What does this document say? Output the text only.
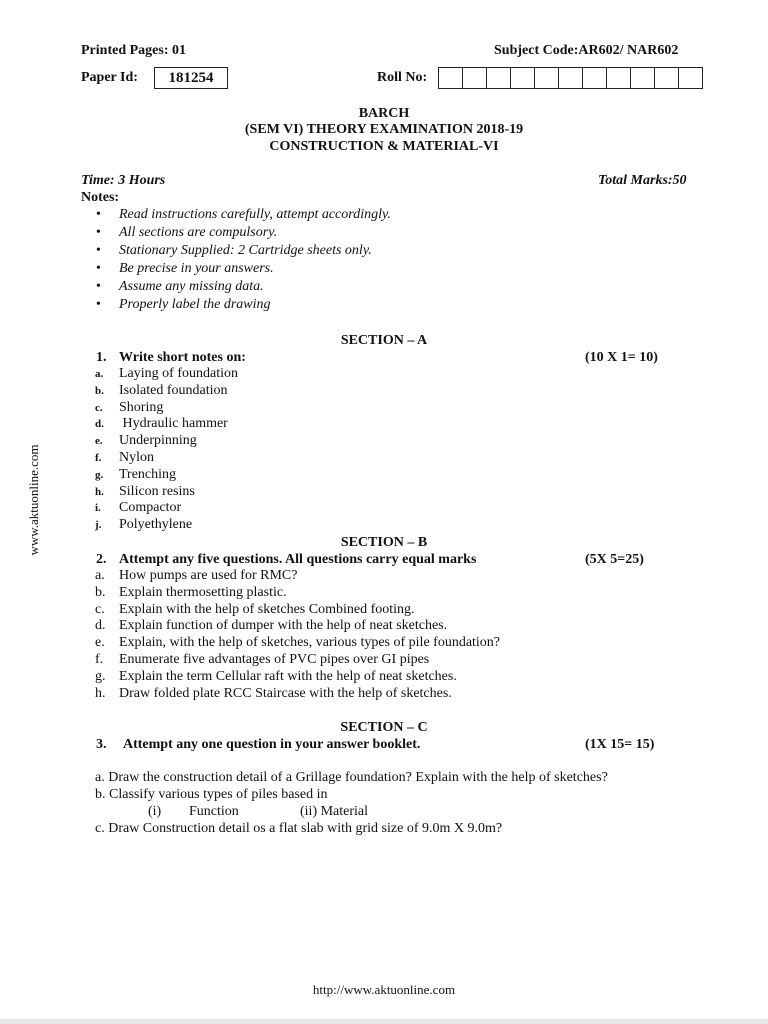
Printed Pages: 01	Subject Code:AR602/ NAR602
Paper Id:	181254	Roll No:
BARCH
(SEM VI) THEORY EXAMINATION 2018-19
CONSTRUCTION & MATERIAL-VI
Time: 3 Hours	Total Marks:50
Notes:
• Read instructions carefully, attempt accordingly.
• All sections are compulsory.
• Stationary Supplied: 2 Cartridge sheets only.
• Be precise in your answers.
• Assume any missing data.
• Properly label the drawing
SECTION – A
1. Write short notes on:	(10 X 1= 10)
a. Laying of foundation
b. Isolated foundation
c. Shoring
d. Hydraulic hammer
e. Underpinning
f. Nylon
g. Trenching
h. Silicon resins
i. Compactor
j. Polyethylene
SECTION – B
2. Attempt any five questions. All questions carry equal marks	(5X 5=25)
a. How pumps are used for RMC?
b. Explain thermosetting plastic.
c. Explain with the help of sketches Combined footing.
d. Explain function of dumper with the help of neat sketches.
e. Explain, with the help of sketches, various types of pile foundation?
f. Enumerate five advantages of PVC pipes over GI pipes
g. Explain the term Cellular raft with the help of neat sketches.
h. Draw folded plate RCC Staircase with the help of sketches.
SECTION – C
3. Attempt any one question in your answer booklet.	(1X 15= 15)
a. Draw the construction detail of a Grillage foundation? Explain with the help of sketches?
b. Classify various types of piles based in
(i) Function	(ii) Material
c. Draw Construction detail os a flat slab with grid size of 9.0m X 9.0m?
www.aktuonline.com
http://www.aktuonline.com
